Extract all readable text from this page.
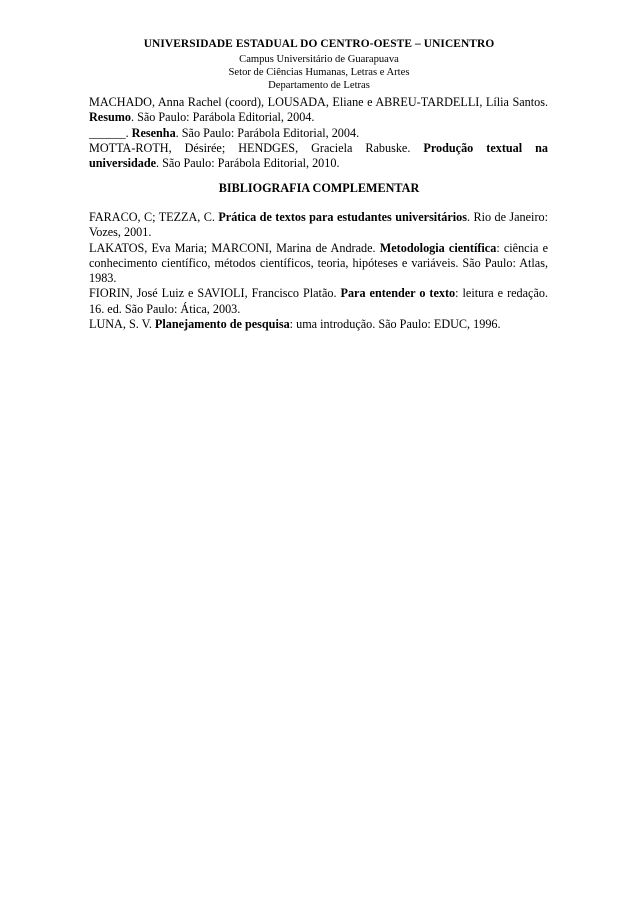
UNIVERSIDADE ESTADUAL DO CENTRO-OESTE – UNICENTRO
Campus Universitário de Guarapuava
Setor de Ciências Humanas, Letras e Artes
Departamento de Letras
MACHADO, Anna Rachel (coord), LOUSADA, Eliane e ABREU-TARDELLI, Lília Santos. Resumo. São Paulo: Parábola Editorial, 2004.
______. Resenha. São Paulo: Parábola Editorial, 2004.
MOTTA-ROTH, Désirée; HENDGES, Graciela Rabuske. Produção textual na universidade. São Paulo: Parábola Editorial, 2010.
BIBLIOGRAFIA COMPLEMENTAR
FARACO, C; TEZZA, C. Prática de textos para estudantes universitários. Rio de Janeiro: Vozes, 2001.
LAKATOS, Eva Maria; MARCONI, Marina de Andrade. Metodologia científica: ciência e conhecimento científico, métodos científicos, teoria, hipóteses e variáveis. São Paulo: Atlas, 1983.
FIORIN, José Luiz e SAVIOLI, Francisco Platão. Para entender o texto: leitura e redação. 16. ed. São Paulo: Ática, 2003.
LUNA, S. V. Planejamento de pesquisa: uma introdução. São Paulo: EDUC, 1996.
